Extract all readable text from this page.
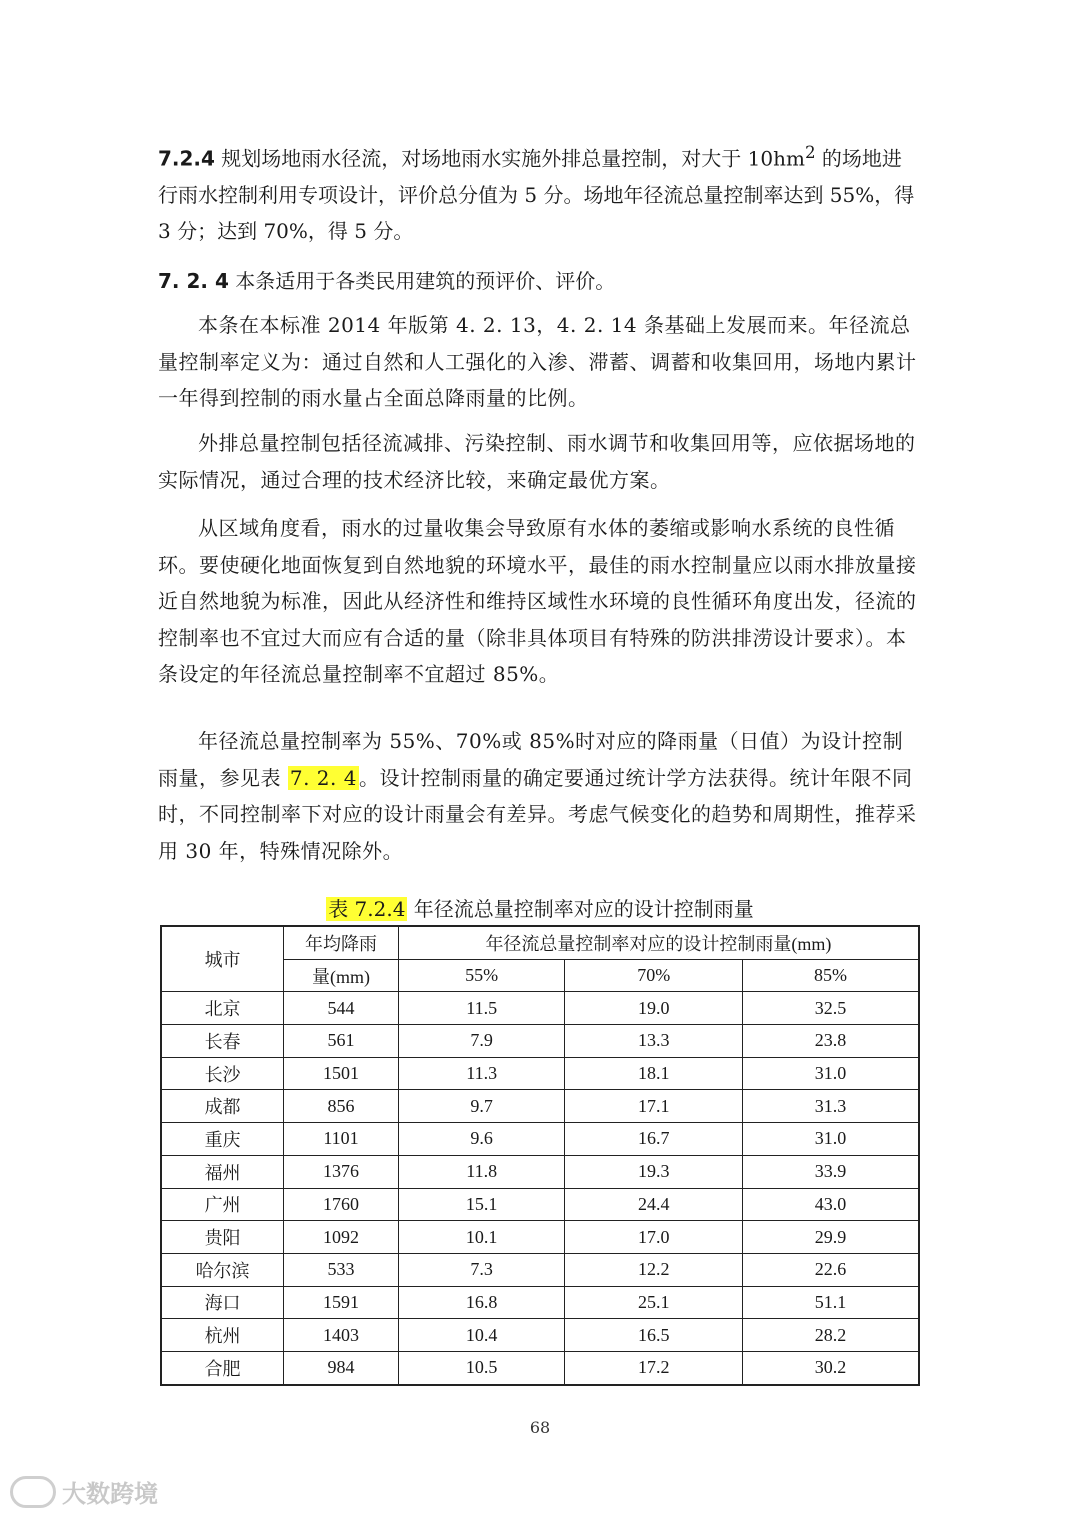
7.2.4 规划场地雨水径流，对场地雨水实施外排总量控制，对大于 $10hm^2$ 的场地进行雨水控制利用专项设计，评价总分值为 5 分。场地年径流总量控制率达到 55%，得 3 分；达到 70%，得 5 分。
7. 2. 4 本条适用于各类民用建筑的预评价、评价。

本条在本标准 2014 年版第 4. 2. 13，4. 2. 14 条基础上发展而来。年径流总量控制率定义为：通过自然和人工强化的入渗、滞蓄、调蓄和收集回用，场地内累计一年得到控制的雨水量占全面总降雨量的比例。

外排总量控制包括径流减排、污染控制、雨水调节和收集回用等，应依据场地的实际情况，通过合理的技术经济比较，来确定最优方案。

从区域角度看，雨水的过量收集会导致原有水体的萎缩或影响水系统的良性循环。要使硬化地面恢复到自然地貌的环境水平，最佳的雨水控制量应以雨水排放量接近自然地貌为标准，因此从经济性和维持区域性水环境的良性循环角度出发，径流的控制率也不宜过大而应有合适的量（除非具体项目有特殊的防洪排涝设计要求）。本条设定的年径流总量控制率不宜超过 85%。

年径流总量控制率为 55%、70%或 85%时对应的降雨量（日值）为设计控制雨量，参见表 7. 2. 4 。设计控制雨量的确定要通过统计学方法获得。统计年限不同时，不同控制率下对应的设计雨量会有差异。考虑气候变化的趋势和周期性，推荐采用 30 年，特殊情况除外。

表 7.2.4 年径流总量控制率对应的设计控制雨量
城市	年均降雨	年径流总量控制率对应的设计控制雨量(mm)		
	量(mm)	55%	70%	85%
北京	544	11.5	19.0	32.5
长春	561	7.9	13.3	23.8
长沙	1501	11.3	18.1	31.0
成都	856	9.7	17.1	31.3
重庆	1101	9.6	16.7	31.0
福州	1376	11.8	19.3	33.9
广州	1760	15.1	24.4	43.0
贵阳	1092	10.1	17.0	29.9
哈尔滨	533	7.3	12.2	22.6
海口	1591	16.8	25.1	51.1
杭州	1403	10.4	16.5	28.2
合肥	984	10.5	17.2	30.2
68
大数跨境
